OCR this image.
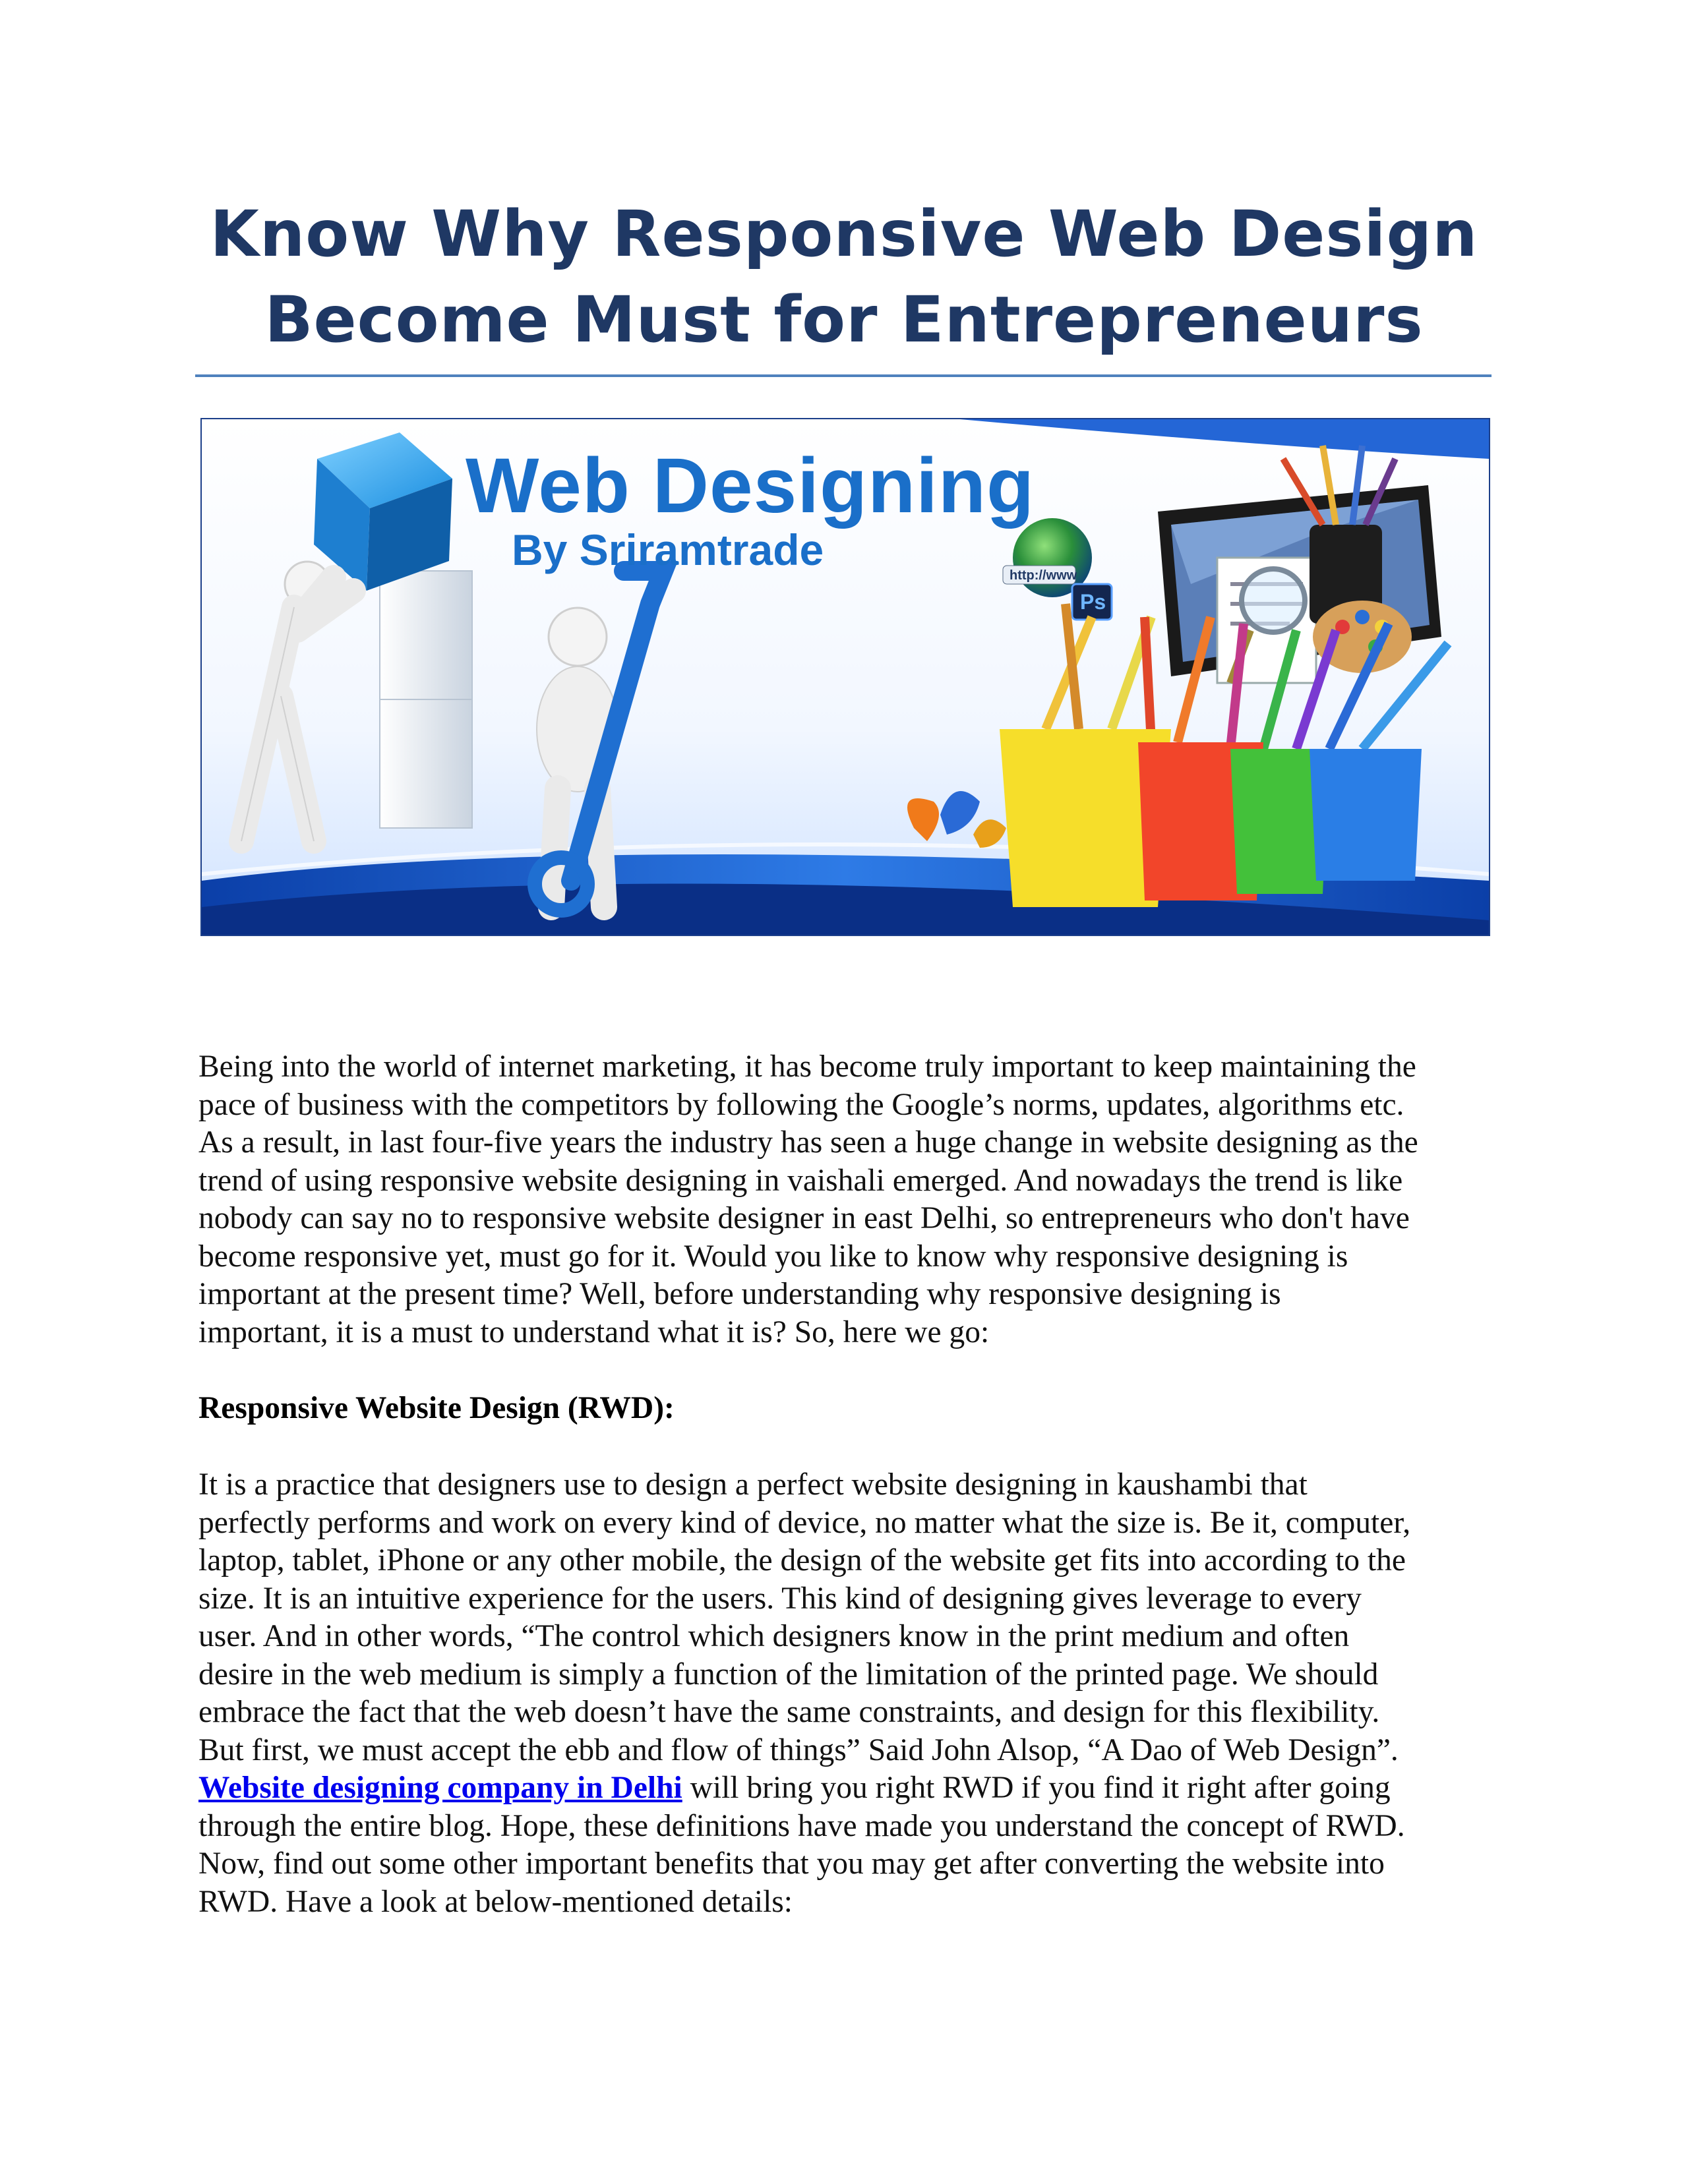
Know Why Responsive Web Design
Become Must for Entrepreneurs
http://www
Ps
Web Designing
By Sriramtrade
Being into the world of internet marketing, it has become truly important to keep maintaining the
pace of business with the competitors by following the Google’s norms, updates, algorithms etc.
As a result, in last four-five years the industry has seen a huge change in website designing as the
trend of using responsive website designing in vaishali emerged. And nowadays the trend is like
nobody can say no to responsive website designer in east Delhi, so entrepreneurs who don't have
become responsive yet, must go for it. Would you like to know why responsive designing is
important at the present time? Well, before understanding why responsive designing is
important, it is a must to understand what it is? So, here we go:
Responsive Website Design (RWD):
It is a practice that designers use to design a perfect website designing in kaushambi that
perfectly performs and work on every kind of device, no matter what the size is. Be it, computer,
laptop, tablet, iPhone or any other mobile, the design of the website get fits into according to the
size. It is an intuitive experience for the users. This kind of designing gives leverage to every
user. And in other words, “The control which designers know in the print medium and often
desire in the web medium is simply a function of the limitation of the printed page. We should
embrace the fact that the web doesn’t have the same constraints, and design for this flexibility.
But first, we must accept the ebb and flow of things” Said John Alsop, “A Dao of Web Design”.
Website designing company in Delhi will bring you right RWD if you find it right after going
through the entire blog. Hope, these definitions have made you understand the concept of RWD.
Now, find out some other important benefits that you may get after converting the website into
RWD. Have a look at below-mentioned details:
